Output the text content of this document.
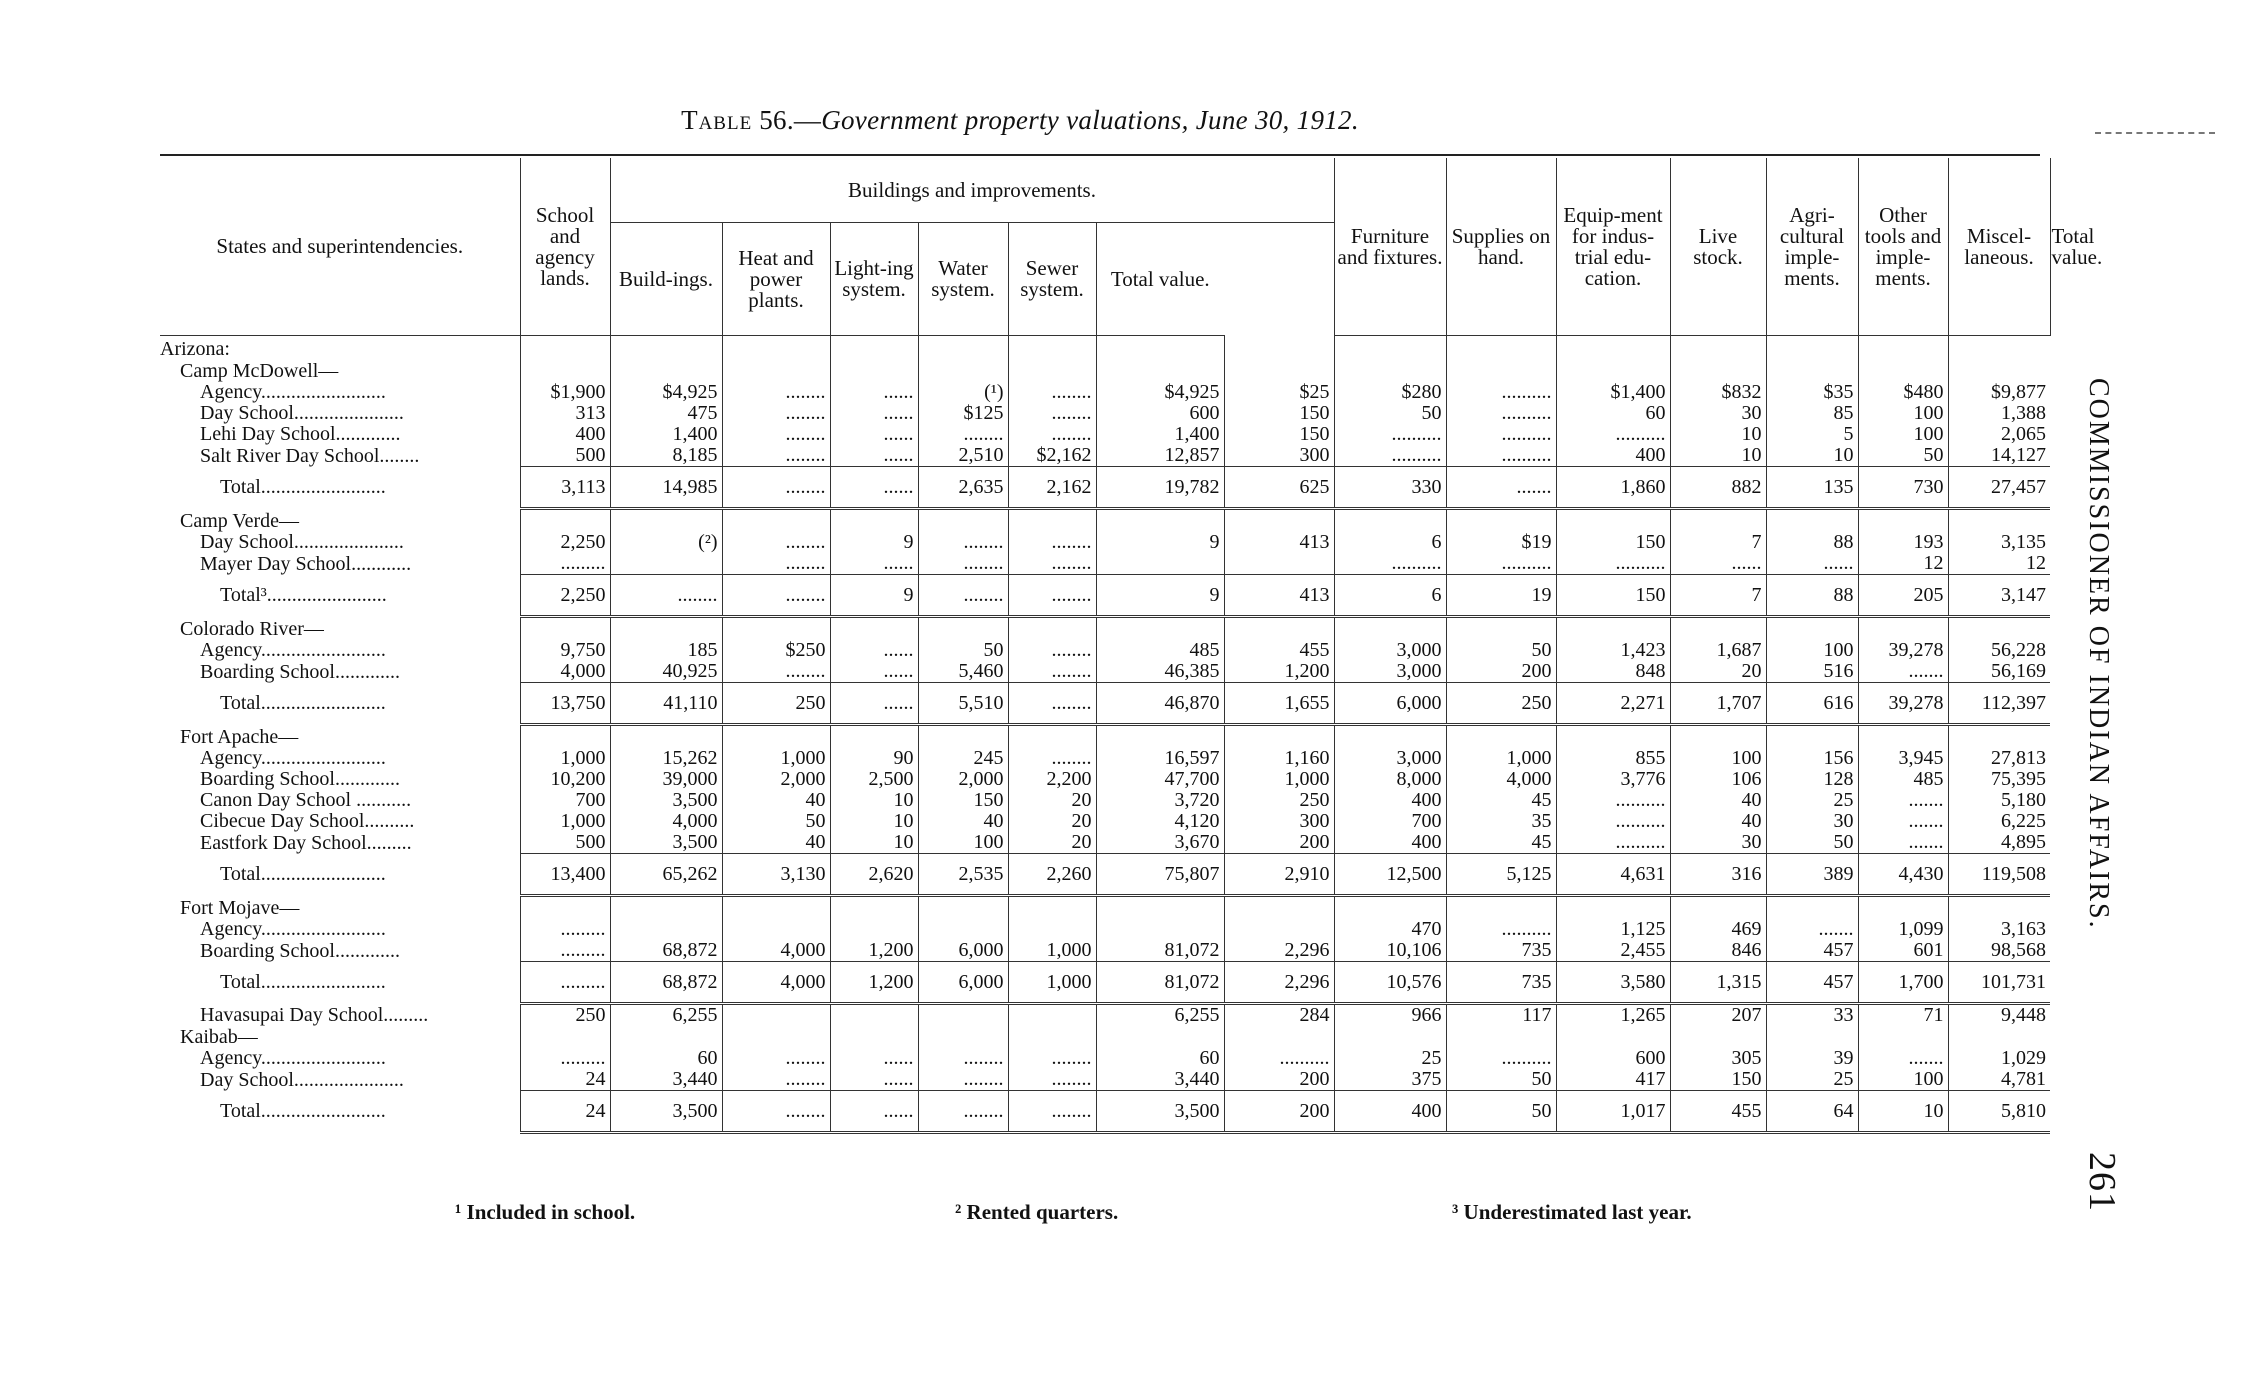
Table 56.—Government property valuations, June 30, 1912.
States and superintendencies.	School and agency lands.	Buildings and improvements.							Furniture and fixtures.	Supplies on hand.	Equip-ment for indus-trial edu-cation.	Live stock.	Agri-cultural imple-ments.	Other tools and imple-ments.	Miscel-laneous.	Total value.
		Build-ings.	Heat and power plants.	Light-ing system.	Water system.	Sewer system.	Total value.									
Arizona:																
Camp McDowell—																
Agency.........................	$1,900	$4,925	........	......	(¹)	........	$4,925	$25	$280	..........	$1,400	$832	$35	$480	$9,877	
Day School......................	313	475	........	......	$125	........	600	150	50	..........	60	30	85	100	1,388	
Lehi Day School.............	400	1,400	........	......	........	........	1,400	150	..........	..........	..........	10	5	100	2,065	
Salt River Day School........	500	8,185	........	......	2,510	$2,162	12,857	300	..........	..........	400	10	10	50	14,127	
Total.........................	3,113	14,985	........	......	2,635	2,162	19,782	625	330	.......	1,860	882	135	730	27,457	
Camp Verde—																
Day School......................	2,250	(²)	........	9	........	........	9	413	6	$19	150	7	88	193	3,135	
Mayer Day School............	.........		........	......	........	........			..........	..........	..........	......	......	12	12	
Total³........................	2,250	........	........	9	........	........	9	413	6	19	150	7	88	205	3,147	
Colorado River—																
Agency.........................	9,750	185	$250	......	50	........	485	455	3,000	50	1,423	1,687	100	39,278	56,228	
Boarding School.............	4,000	40,925	........	......	5,460	........	46,385	1,200	3,000	200	848	20	516	.......	56,169	
Total.........................	13,750	41,110	250	......	5,510	........	46,870	1,655	6,000	250	2,271	1,707	616	39,278	112,397	
Fort Apache—																
Agency.........................	1,000	15,262	1,000	90	245	........	16,597	1,160	3,000	1,000	855	100	156	3,945	27,813	
Boarding School.............	10,200	39,000	2,000	2,500	2,000	2,200	47,700	1,000	8,000	4,000	3,776	106	128	485	75,395	
Canon Day School ...........	700	3,500	40	10	150	20	3,720	250	400	45	..........	40	25	.......	5,180	
Cibecue Day School..........	1,000	4,000	50	10	40	20	4,120	300	700	35	..........	40	30	.......	6,225	
Eastfork Day School.........	500	3,500	40	10	100	20	3,670	200	400	45	..........	30	50	.......	4,895	
Total.........................	13,400	65,262	3,130	2,620	2,535	2,260	75,807	2,910	12,500	5,125	4,631	316	389	4,430	119,508	
Fort Mojave—																
Agency.........................	.........								470	..........	1,125	469	.......	1,099	3,163	
Boarding School.............	.........	68,872	4,000	1,200	6,000	1,000	81,072	2,296	10,106	735	2,455	846	457	601	98,568	
Total.........................	.........	68,872	4,000	1,200	6,000	1,000	81,072	2,296	10,576	735	3,580	1,315	457	1,700	101,731	
Havasupai Day School.........	250	6,255					6,255	284	966	117	1,265	207	33	71	9,448	
Kaibab—																
Agency.........................	.........	60	........	......	........	........	60	..........	25	..........	600	305	39	.......	1,029	
Day School......................	24	3,440	........	......	........	........	3,440	200	375	50	417	150	25	100	4,781	
Total.........................	24	3,500	........	......	........	........	3,500	200	400	50	1,017	455	64	10	5,810	
¹ Included in school.	² Rented quarters.	³ Underestimated last year.
COMMISSIONER OF INDIAN AFFAIRS.
261
